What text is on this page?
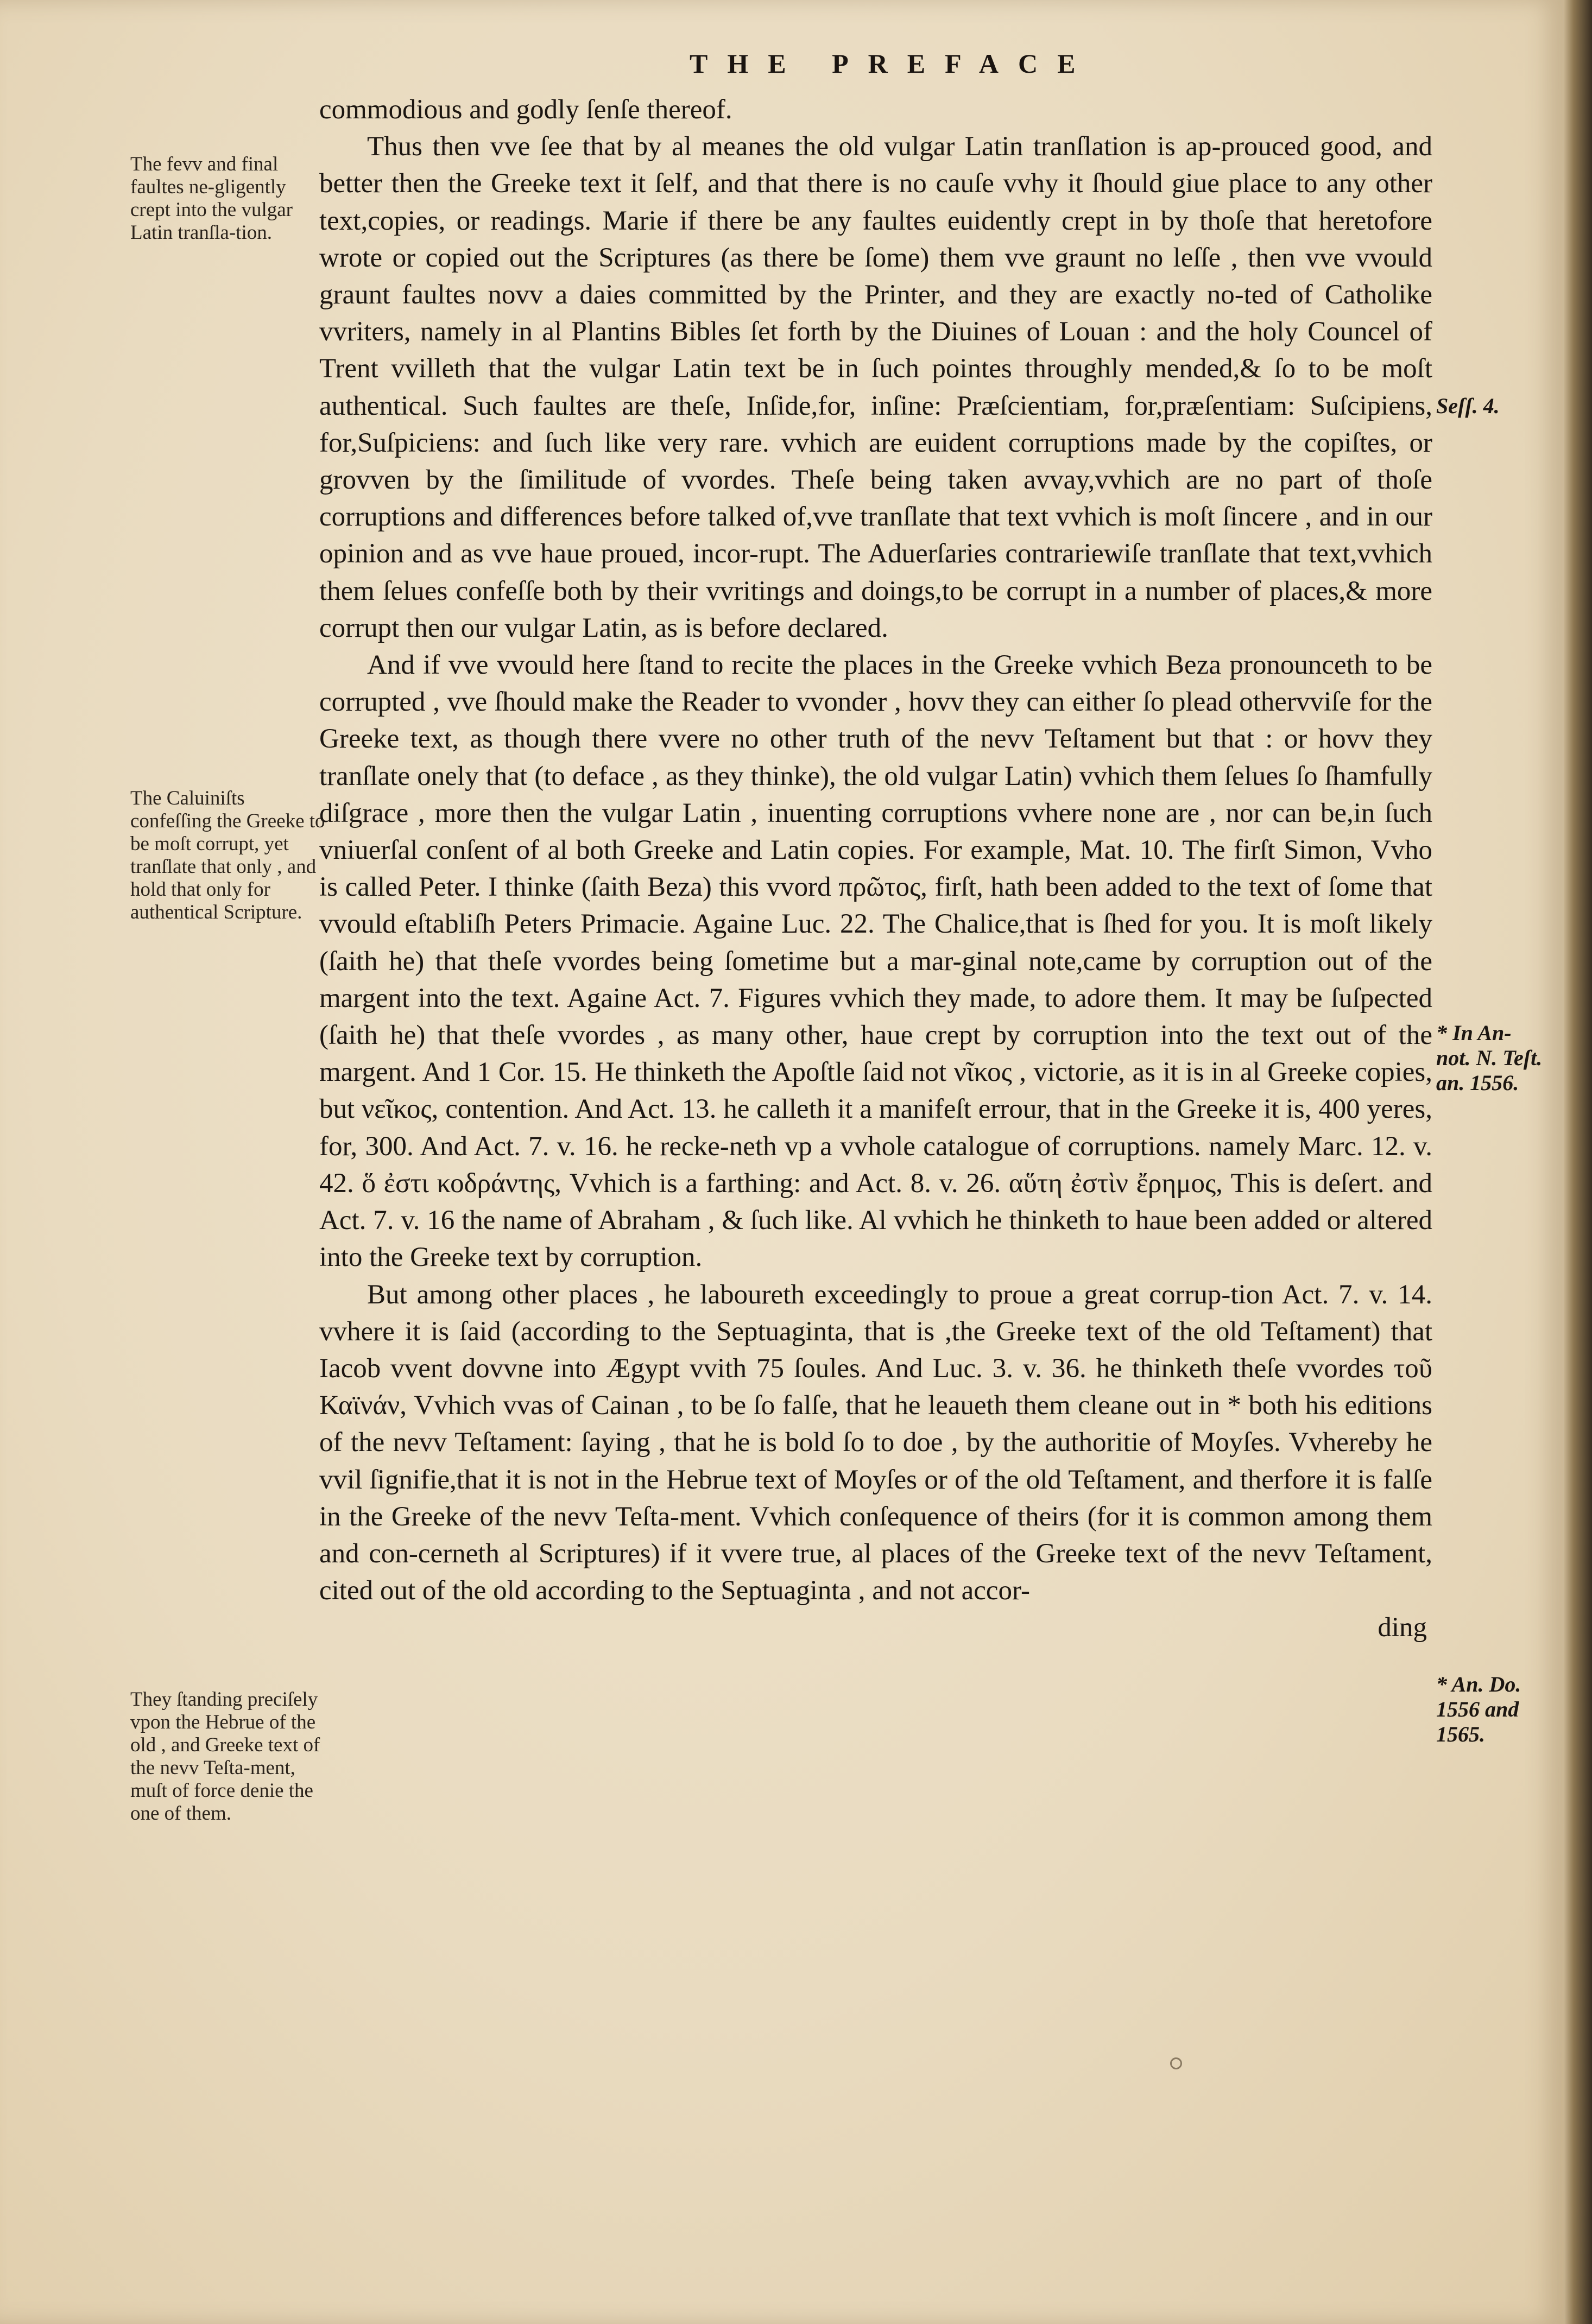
THE PREFACE
The fevv and final faultes ne-gligently crept into the vulgar Latin tranſla-tion.
The Caluiniſts confeſſing the Greeke to be moſt corrupt, yet tranſlate that only , and hold that only for authentical Scripture.
They ſtanding preciſely vpon the Hebrue of the old , and Greeke text of the nevv Teſta-ment, muſt of force denie the one of them.
Seſſ. 4.
* In An-not. N. Teſt. an. 1556.
* An. Do. 1556 and 1565.

commodious and godly ſenſe thereof.

Thus then vve ſee that by al meanes the old vulgar Latin tranſlation is ap-prouced good, and better then the Greeke text it ſelf, and that there is no cauſe vvhy it ſhould giue place to any other text,copies, or readings. Marie if there be any faultes euidently crept in by thoſe that heretofore wrote or copied out the Scriptures (as there be ſome) them vve graunt no leſſe , then vve vvould graunt faultes novv a daies committed by the Printer, and they are exactly no-ted of Catholike vvriters, namely in al Plantins Bibles ſet forth by the Diuines of Louan : and the holy Councel of Trent vvilleth that the vulgar Latin text be in ſuch pointes throughly mended,& ſo to be moſt authentical. Such faultes are theſe, Inſide,for, inſine: Præſcientiam, for,præſentiam: Suſcipiens, for,Suſpiciens: and ſuch like very rare. vvhich are euident corruptions made by the copiſtes, or grovven by the ſimilitude of vvordes. Theſe being taken avvay,vvhich are no part of thoſe corruptions and differences before talked of,vve tranſlate that text vvhich is moſt ſincere , and in our opinion and as vve haue proued, incor-rupt. The Aduerſaries contrariewiſe tranſlate that text,vvhich them ſelues confeſſe both by their vvritings and doings,to be corrupt in a number of places,& more corrupt then our vulgar Latin, as is before declared.

And if vve vvould here ſtand to recite the places in the Greeke vvhich Beza pronounceth to be corrupted , vve ſhould make the Reader to vvonder , hovv they can either ſo plead othervviſe for the Greeke text, as though there vvere no other truth of the nevv Teſtament but that : or hovv they tranſlate onely that (to deface , as they thinke), the old vulgar Latin) vvhich them ſelues ſo ſhamfully diſgrace , more then the vulgar Latin , inuenting corruptions vvhere none are , nor can be,in ſuch vniuerſal conſent of al both Greeke and Latin copies. For example, Mat. 10. The firſt Simon, Vvho is called Peter. I thinke (ſaith Beza) this vvord πρῶτος, firſt, hath been added to the text of ſome that vvould eſtabliſh Peters Primacie. Againe Luc. 22. The Chalice,that is ſhed for you. It is moſt likely (ſaith he) that theſe vvordes being ſometime but a mar-ginal note,came by corruption out of the margent into the text. Againe Act. 7. Figures vvhich they made, to adore them. It may be ſuſpected (ſaith he) that theſe vvordes , as many other, haue crept by corruption into the text out of the margent. And 1 Cor. 15. He thinketh the Apoſtle ſaid not νῖκος , victorie, as it is in al Greeke copies, but νεῖκος, contention. And Act. 13. he calleth it a manifeſt errour, that in the Greeke it is, 400 yeres, for, 300. And Act. 7. v. 16. he recke-neth vp a vvhole catalogue of corruptions. namely Marc. 12. v. 42. ὅ ἐστι κοδράντης, Vvhich is a farthing: and Act. 8. v. 26. αὕτη ἐστὶν ἔρημος, This is deſert. and Act. 7. v. 16 the name of Abraham , & ſuch like. Al vvhich he thinketh to haue been added or altered into the Greeke text by corruption.

But among other places , he laboureth exceedingly to proue a great corrup-tion Act. 7. v. 14. vvhere it is ſaid (according to the Septuaginta, that is ,the Greeke text of the old Teſtament) that Iacob vvent dovvne into Ægypt vvith 75 ſoules. And Luc. 3. v. 36. he thinketh theſe vvordes τοῦ Καϊνάν, Vvhich vvas of Cainan , to be ſo falſe, that he leaueth them cleane out in * both his editions of the nevv Teſtament: ſaying , that he is bold ſo to doe , by the authoritie of Moyſes. Vvhereby he vvil ſignifie,that it is not in the Hebrue text of Moyſes or of the old Teſtament, and therfore it is falſe in the Greeke of the nevv Teſta-ment. Vvhich conſequence of theirs (for it is common among them and con-cerneth al Scriptures) if it vvere true, al places of the Greeke text of the nevv Teſtament, cited out of the old according to the Septuaginta , and not accor-

ding
